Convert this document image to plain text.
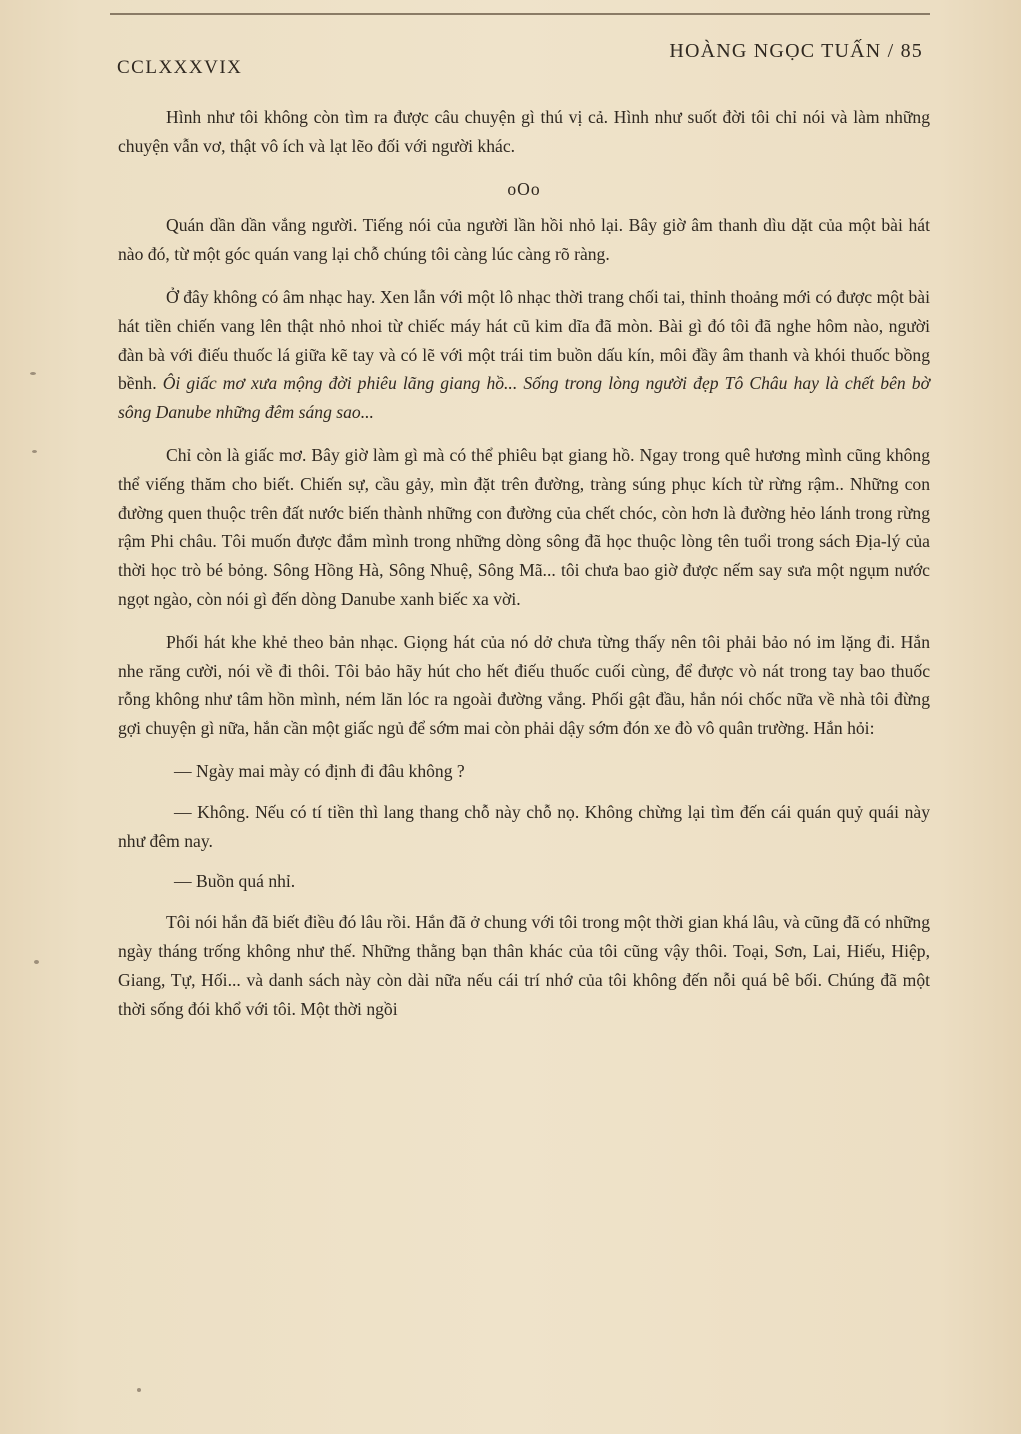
CCLXXXVIX
HOÀNG NGỌC TUẤN / 85

Hình như tôi không còn tìm ra được câu chuyện gì thú vị cả. Hình như suốt đời tôi chỉ nói và làm những chuyện vẫn vơ, thật vô ích và lạt lẽo đối với người khác.

oOo

Quán dần dần vắng người. Tiếng nói của người lần hồi nhỏ lại. Bây giờ âm thanh dìu dặt của một bài hát nào đó, từ một góc quán vang lại chỗ chúng tôi càng lúc càng rõ ràng.

Ở đây không có âm nhạc hay. Xen lẫn với một lô nhạc thời trang chối tai, thỉnh thoảng mới có được một bài hát tiền chiến vang lên thật nhỏ nhoi từ chiếc máy hát cũ kim dĩa đã mòn. Bài gì đó tôi đã nghe hôm nào, người đàn bà với điếu thuốc lá giữa kẽ tay và có lẽ với một trái tim buồn dấu kín, môi đầy âm thanh và khói thuốc bồng bềnh. Ôi giấc mơ xưa mộng đời phiêu lãng giang hồ... Sống trong lòng người đẹp Tô Châu hay là chết bên bờ sông Danube những đêm sáng sao...

Chỉ còn là giấc mơ. Bây giờ làm gì mà có thể phiêu bạt giang hồ. Ngay trong quê hương mình cũng không thể viếng thăm cho biết. Chiến sự, cầu gảy, mìn đặt trên đường, tràng súng phục kích từ rừng rậm.. Những con đường quen thuộc trên đất nước biến thành những con đường của chết chóc, còn hơn là đường hẻo lánh trong rừng rậm Phi châu. Tôi muốn được đắm mình trong những dòng sông đã học thuộc lòng tên tuổi trong sách Địa-lý của thời học trò bé bỏng. Sông Hồng Hà, Sông Nhuệ, Sông Mã... tôi chưa bao giờ được nếm say sưa một ngụm nước ngọt ngào, còn nói gì đến dòng Danube xanh biếc xa vời.

Phối hát khe khẻ theo bản nhạc. Giọng hát của nó dở chưa từng thấy nên tôi phải bảo nó im lặng đi. Hắn nhe răng cười, nói về đi thôi. Tôi bảo hãy hút cho hết điếu thuốc cuối cùng, để được vò nát trong tay bao thuốc rỗng không như tâm hồn mình, ném lăn lóc ra ngoài đường vắng. Phối gật đầu, hắn nói chốc nữa về nhà tôi đừng gợi chuyện gì nữa, hắn cần một giấc ngủ để sớm mai còn phải dậy sớm đón xe đò vô quân trường. Hắn hỏi:

— Ngày mai mày có định đi đâu không ?

— Không. Nếu có tí tiền thì lang thang chỗ này chỗ nọ. Không chừng lại tìm đến cái quán quỷ quái này như đêm nay.

— Buồn quá nhỉ.

Tôi nói hắn đã biết điều đó lâu rồi. Hắn đã ở chung với tôi trong một thời gian khá lâu, và cũng đã có những ngày tháng trống không như thế. Những thằng bạn thân khác của tôi cũng vậy thôi. Toại, Sơn, Lai, Hiếu, Hiệp, Giang, Tự, Hối... và danh sách này còn dài nữa nếu cái trí nhớ của tôi không đến nỗi quá bê bối. Chúng đã một thời sống đói khổ với tôi. Một thời ngồi
